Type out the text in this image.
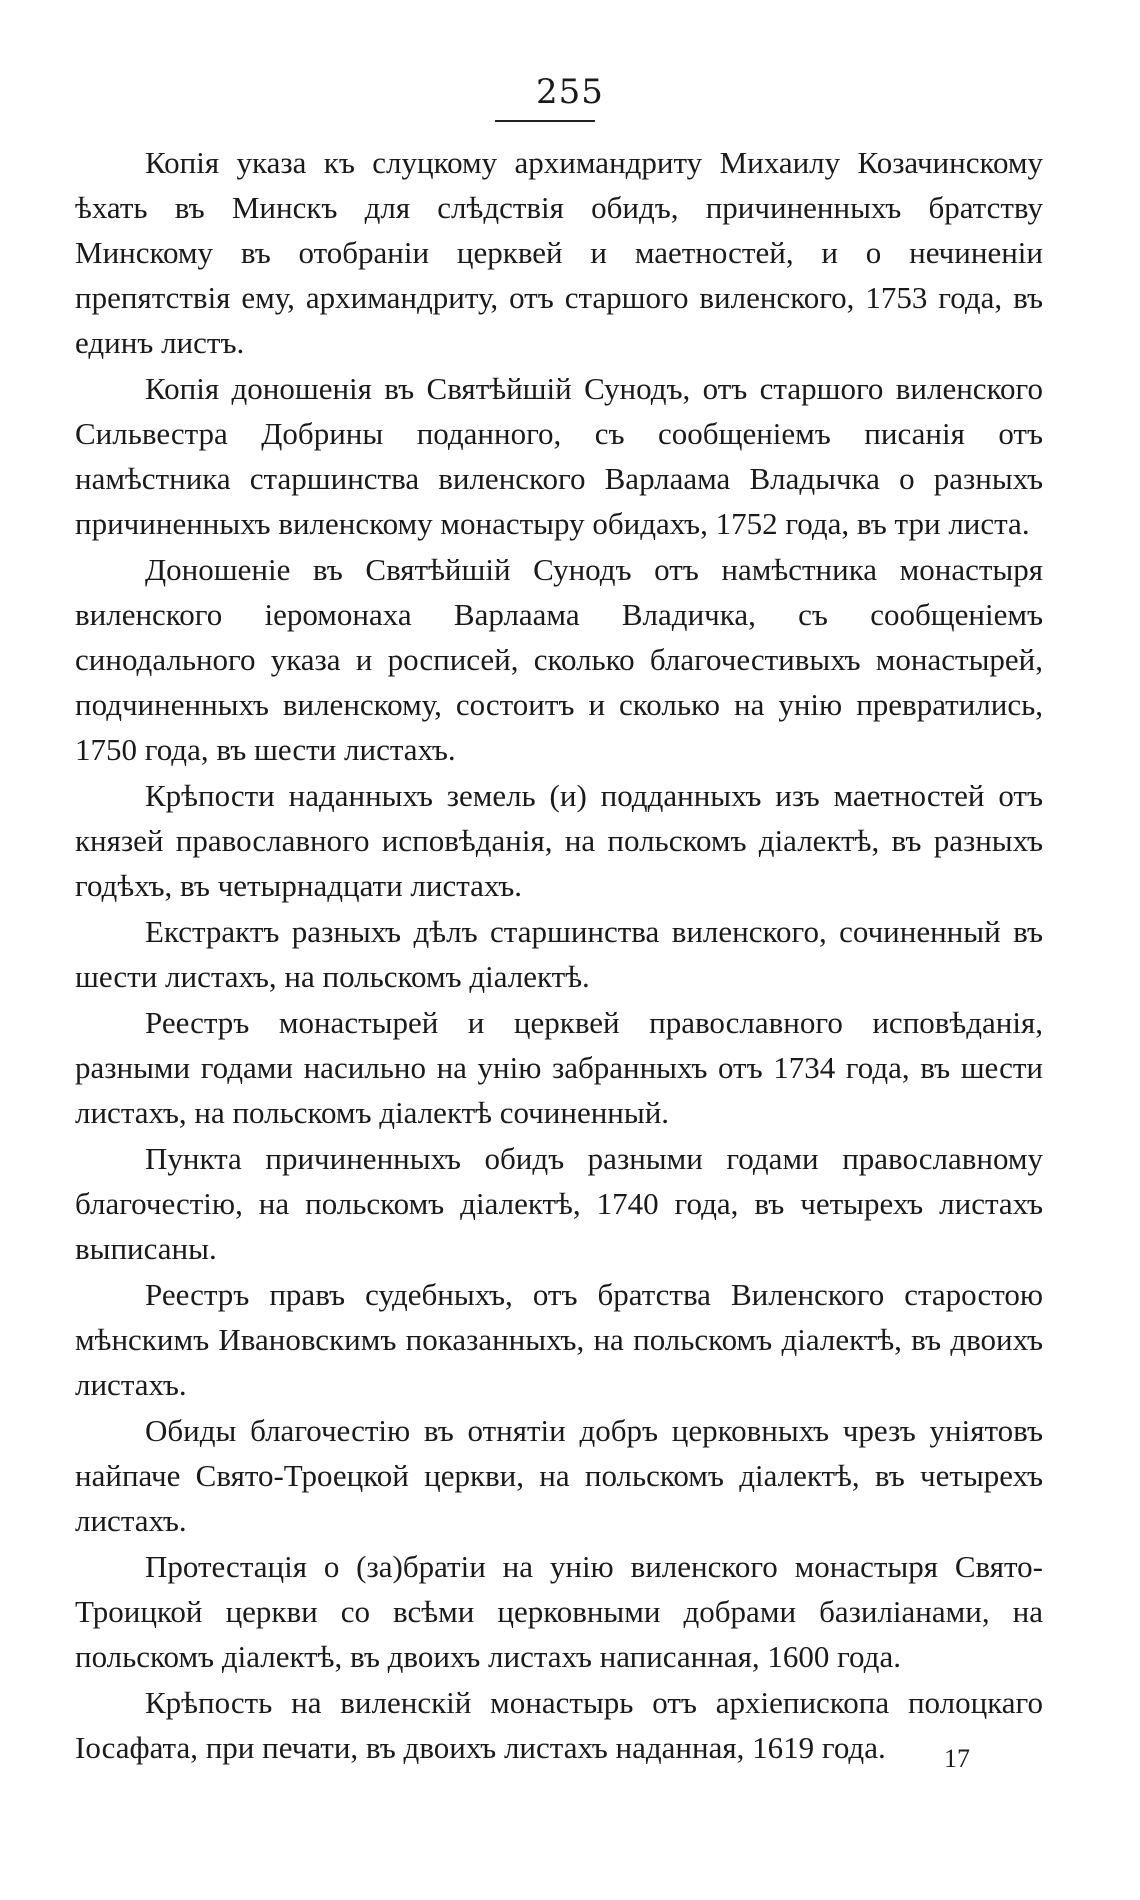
255

Копія указа къ слуцкому архимандриту Михаилу Козачинскому ѣхать въ Минскъ для слѣдствія обидъ, причиненныхъ братству Минскому въ отобраніи церквей и маетностей, и о нечиненіи препятствія ему, архимандриту, отъ старшого виленского, 1753 года, въ единъ листъ.

Копія доношенія въ Святѣйшій Сунодъ, отъ старшого виленского Сильвестра Добрины поданного, съ сообщеніемъ писанія отъ намѣстника старшинства виленского Варлаама Владычка о разныхъ причиненныхъ виленскому монастыру обидахъ, 1752 года, въ три листа.

Доношеніе въ Святѣйшій Сунодъ отъ намѣстника монастыря виленского іеромонаха Варлаама Владичка, съ сообщеніемъ синодального указа и росписей, сколько благочестивыхъ монастырей, подчиненныхъ виленскому, состоитъ и сколько на унію превратились, 1750 года, въ шести листахъ.

Крѣпости наданныхъ земель (и) подданныхъ изъ маетностей отъ князей православного исповѣданія, на польскомъ діалектѣ, въ разныхъ годѣхъ, въ четырнадцати листахъ.

Екстрактъ разныхъ дѣлъ старшинства виленского, сочиненный въ шести листахъ, на польскомъ діалектѣ.

Реестръ монастырей и церквей православного исповѣданія, разными годами насильно на унію забранныхъ отъ 1734 года, въ шести листахъ, на польскомъ діалектѣ сочиненный.

Пункта причиненныхъ обидъ разными годами православному благочестію, на польскомъ діалектѣ, 1740 года, въ четырехъ листахъ выписаны.

Реестръ правъ судебныхъ, отъ братства Виленского старостою мѣнскимъ Ивановскимъ показанныхъ, на польскомъ діалектѣ, въ двоихъ листахъ.

Обиды благочестію въ отнятіи добръ церковныхъ чрезъ уніятовъ найпаче Свято-Троецкой церкви, на польскомъ діалектѣ, въ четырехъ листахъ.

Протестація о (за)братіи на унію виленского монастыря Свято-Троицкой церкви со всѣми церковными добрами базиліанами, на польскомъ діалектѣ, въ двоихъ листахъ написанная, 1600 года.

Крѣпость на виленскій монастырь отъ архіепископа полоцкаго Іосафата, при печати, въ двоихъ листахъ наданная, 1619 года.	17
